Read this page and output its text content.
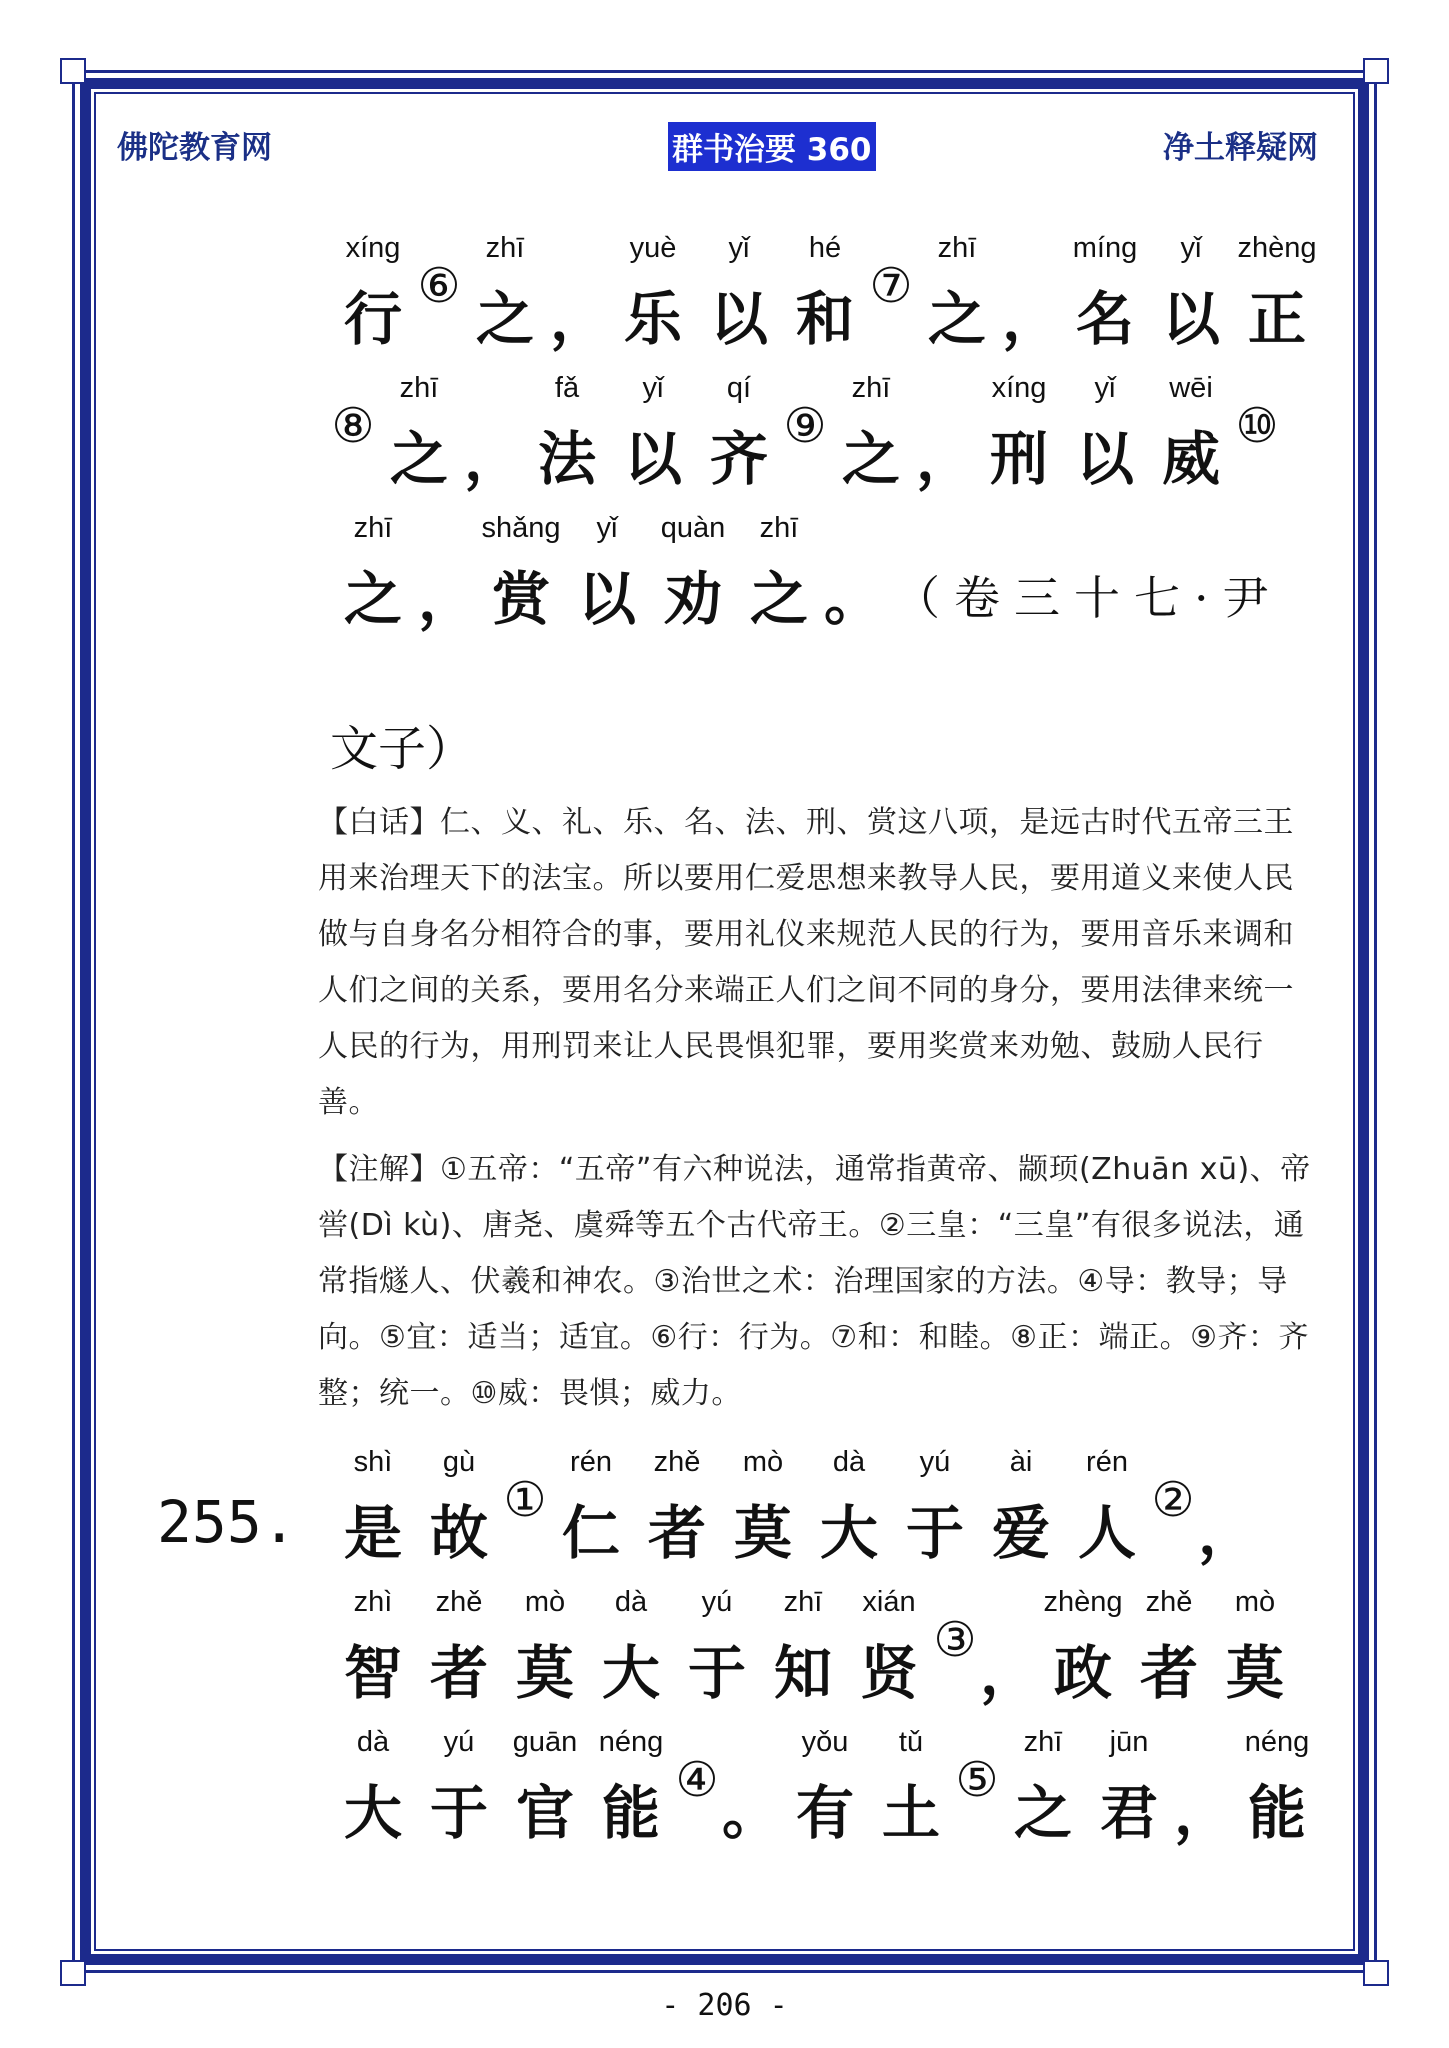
佛陀教育网	群书治要 360	净土释疑网
xíng
行 ⑥
zhī
之 ，
yuè
乐
yǐ
以
hé
和 ⑦
zhī
之 ，
míng
名
yǐ
以
zhèng
正
⑧
zhī
之 ，
fǎ
法
yǐ
以
qí
齐 ⑨
zhī
之 ，
xíng
刑
yǐ
以
wēi
威 ⑩
zhī
之 ，
shǎng
赏
yǐ
以
quàn
劝
zhī
之 。 （卷三十七·尹
文子）
【白话】仁、义、礼、乐、名、法、刑、赏这八项，是远古时代五帝三王用来治理天下的法宝。所以要用仁爱思想来教导人民，要用道义来使人民做与自身名分相符合的事，要用礼仪来规范人民的行为，要用音乐来调和人们之间的关系，要用名分来端正人们之间不同的身分，要用法律来统一人民的行为，用刑罚来让人民畏惧犯罪，要用奖赏来劝勉、鼓励人民行善。
【注解】①五帝：“五帝”有六种说法，通常指黄帝、颛顼(Zhuān xū)、帝喾(Dì kù)、唐尧、虞舜等五个古代帝王。②三皇：“三皇”有很多说法，通常指燧人、伏羲和神农。③治世之术：治理国家的方法。④导：教导；导向。⑤宜：适当；适宜。⑥行：行为。⑦和：和睦。⑧正：端正。⑨齐：齐整；统一。⑩威：畏惧；威力。
255.
shì
是
gù
故 ①
rén
仁
zhě
者
mò
莫
dà
大
yú
于
ài
爱
rén
人 ② ，
zhì
智
zhě
者
mò
莫
dà
大
yú
于
zhī
知
xián
贤 ③ ，
zhèng
政
zhě
者
mò
莫
dà
大
yú
于
guān
官
néng
能 ④ 。
yǒu
有
tǔ
土 ⑤
zhī
之
jūn
君 ，
néng
能
- 206 -
